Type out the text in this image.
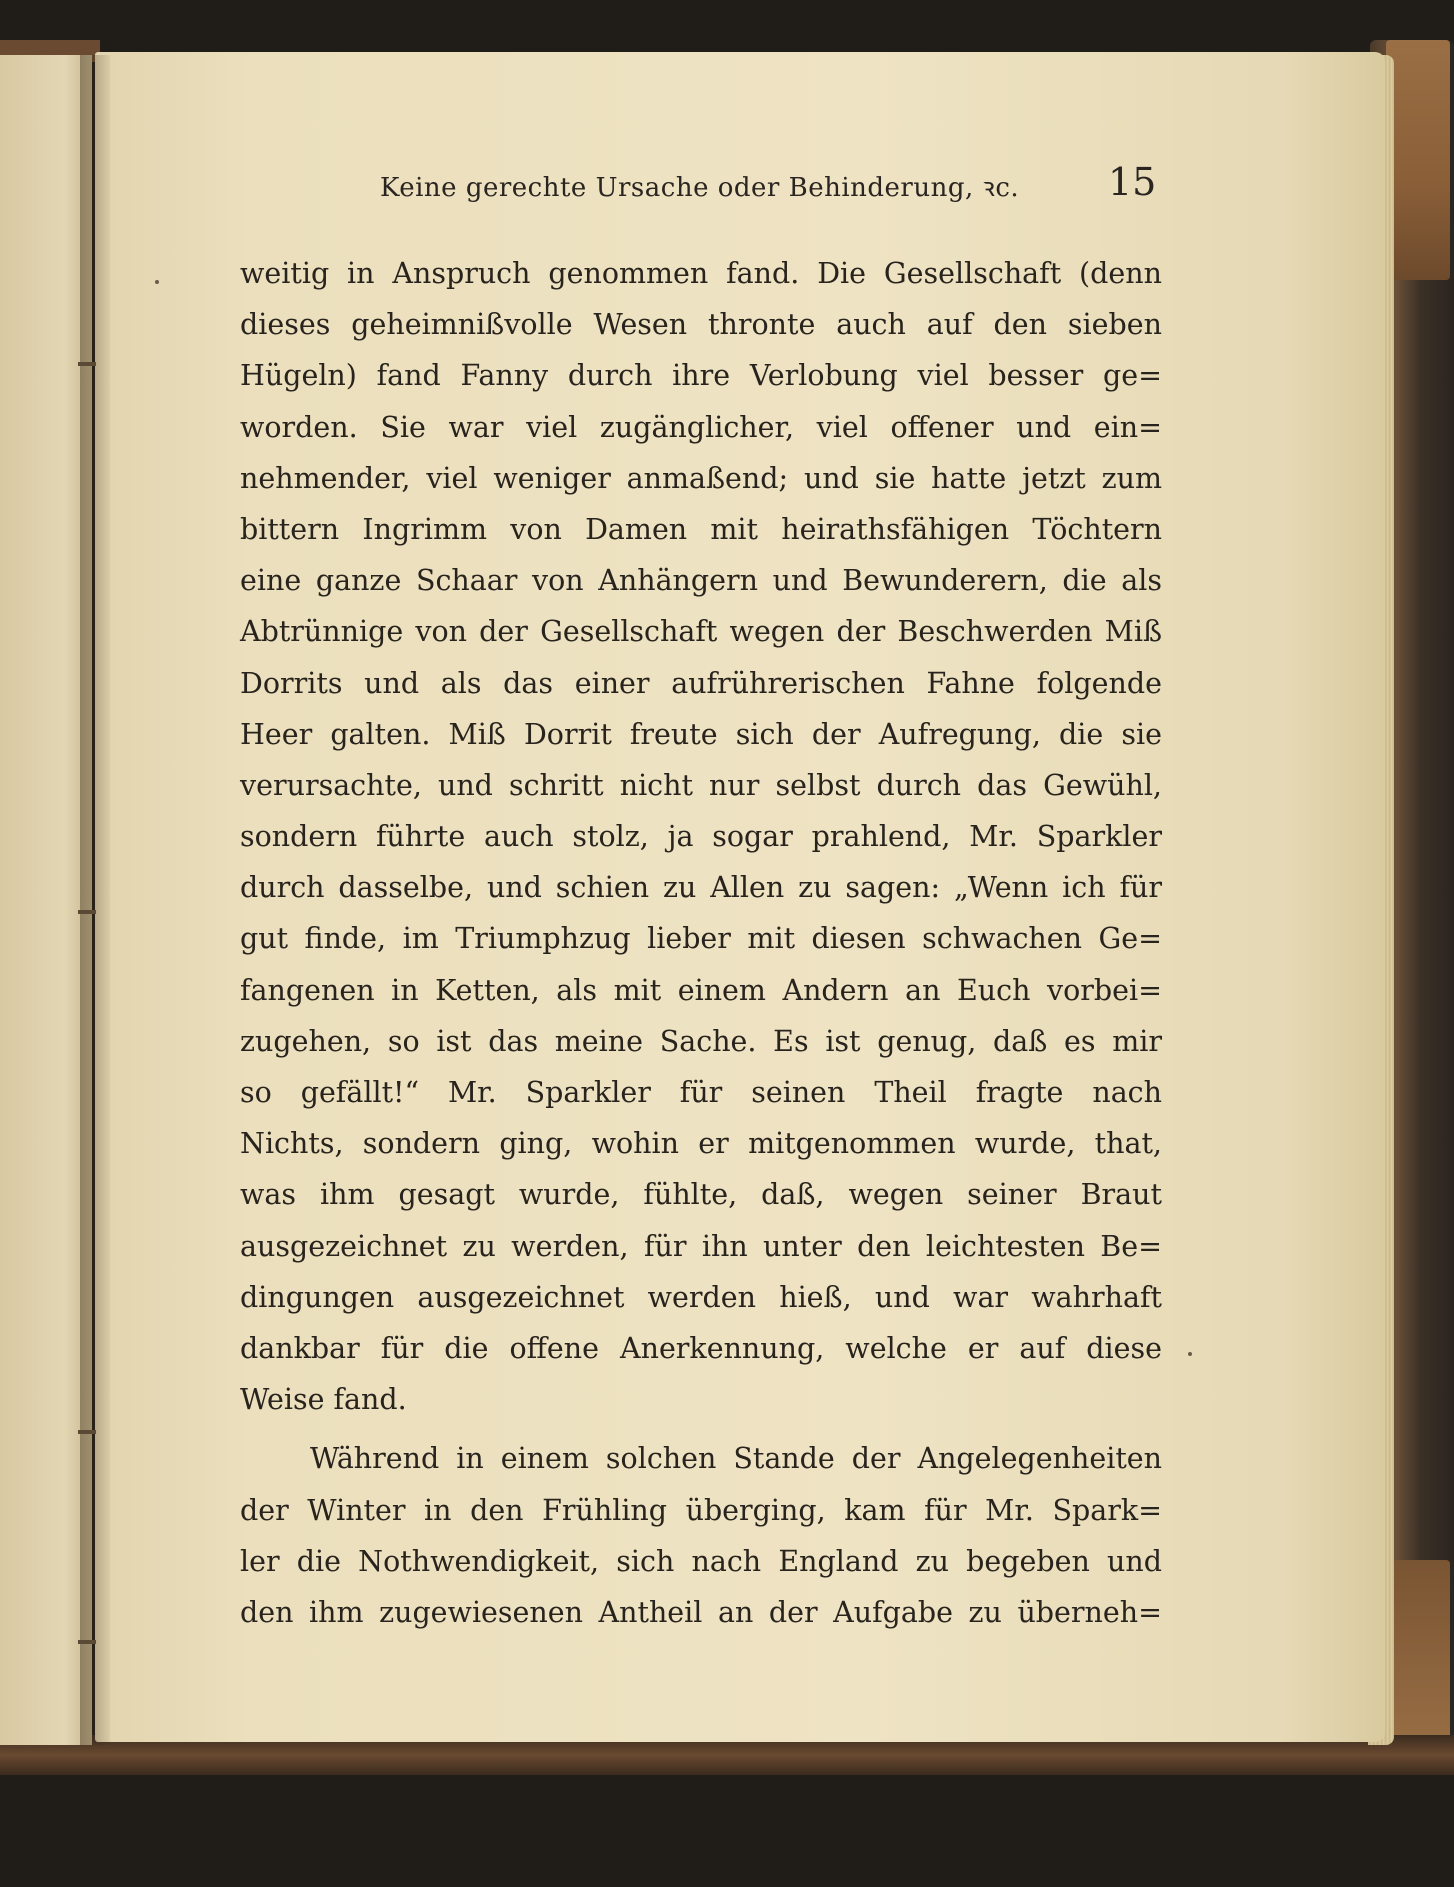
Keine gerechte Ursache oder Behinderung, ꝛc. 15
weitig in Anspruch genommen fand. Die Gesellschaft (denn
dieses geheimnißvolle Wesen thronte auch auf den sieben
Hügeln) fand Fanny durch ihre Verlobung viel besser ge=
worden. Sie war viel zugänglicher, viel offener und ein=
nehmender, viel weniger anmaßend; und sie hatte jetzt zum
bittern Ingrimm von Damen mit heirathsfähigen Töchtern
eine ganze Schaar von Anhängern und Bewunderern, die als
Abtrünnige von der Gesellschaft wegen der Beschwerden Miß
Dorrits und als das einer aufrührerischen Fahne folgende
Heer galten. Miß Dorrit freute sich der Aufregung, die sie
verursachte, und schritt nicht nur selbst durch das Gewühl,
sondern führte auch stolz, ja sogar prahlend, Mr. Sparkler
durch dasselbe, und schien zu Allen zu sagen: „Wenn ich für
gut finde, im Triumphzug lieber mit diesen schwachen Ge=
fangenen in Ketten, als mit einem Andern an Euch vorbei=
zugehen, so ist das meine Sache. Es ist genug, daß es mir
so gefällt!“ Mr. Sparkler für seinen Theil fragte nach
Nichts, sondern ging, wohin er mitgenommen wurde, that,
was ihm gesagt wurde, fühlte, daß, wegen seiner Braut
ausgezeichnet zu werden, für ihn unter den leichtesten Be=
dingungen ausgezeichnet werden hieß, und war wahrhaft
dankbar für die offene Anerkennung, welche er auf diese
Weise fand.
Während in einem solchen Stande der Angelegenheiten
der Winter in den Frühling überging, kam für Mr. Spark=
ler die Nothwendigkeit, sich nach England zu begeben und
den ihm zugewiesenen Antheil an der Aufgabe zu überneh=
